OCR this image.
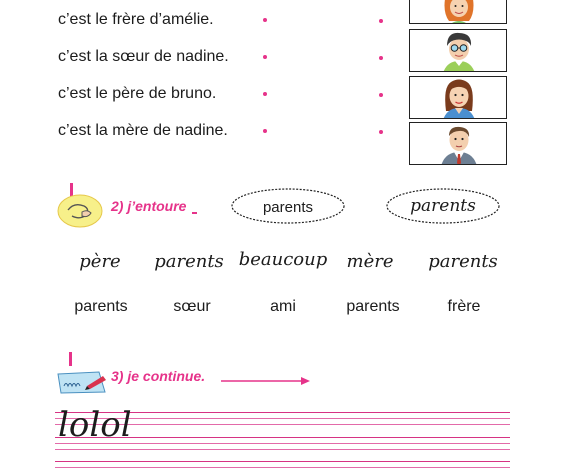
c’est le frère d’amélie.
c’est la sœur de nadine.
c’est le père de bruno.
c’est la mère de nadine.
2) j’entoure	parents	parents
père parents beaucoup mère parents
parents	sœur	ami	parents	frère
3) je continue.
lolol
